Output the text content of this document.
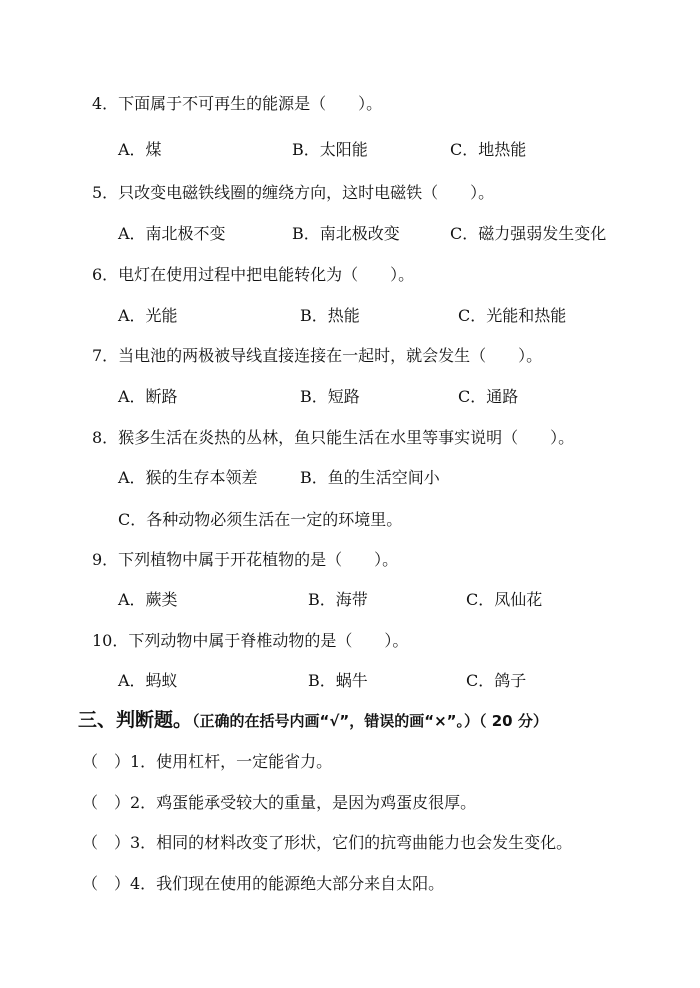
4．下面属于不可再生的能源是（　　）。
A．煤	B．太阳能	C．地热能
5．只改变电磁铁线圈的缠绕方向，这时电磁铁（　　）。
A．南北极不变	B．南北极改变	C．磁力强弱发生变化
6．电灯在使用过程中把电能转化为（　　）。
A．光能	B．热能	C．光能和热能
7．当电池的两极被导线直接连接在一起时，就会发生（　　）。
A．断路	B．短路	C．通路
8．猴多生活在炎热的丛林，鱼只能生活在水里等事实说明（　　）。
A．猴的生存本领差	B．鱼的生活空间小
C．各种动物必须生活在一定的环境里。
9．下列植物中属于开花植物的是（　　）。
A．蕨类	B．海带	C．凤仙花
10．下列动物中属于脊椎动物的是（　　）。
A．蚂蚁	B．蜗牛	C．鸽子
三、判断题。（正确的在括号内画“√”，错误的画“×”。）（ 20 分）
（　）1．使用杠杆，一定能省力。
（　）2．鸡蛋能承受较大的重量，是因为鸡蛋皮很厚。
（　）3．相同的材料改变了形状，它们的抗弯曲能力也会发生变化。
（　）4．我们现在使用的能源绝大部分来自太阳。
